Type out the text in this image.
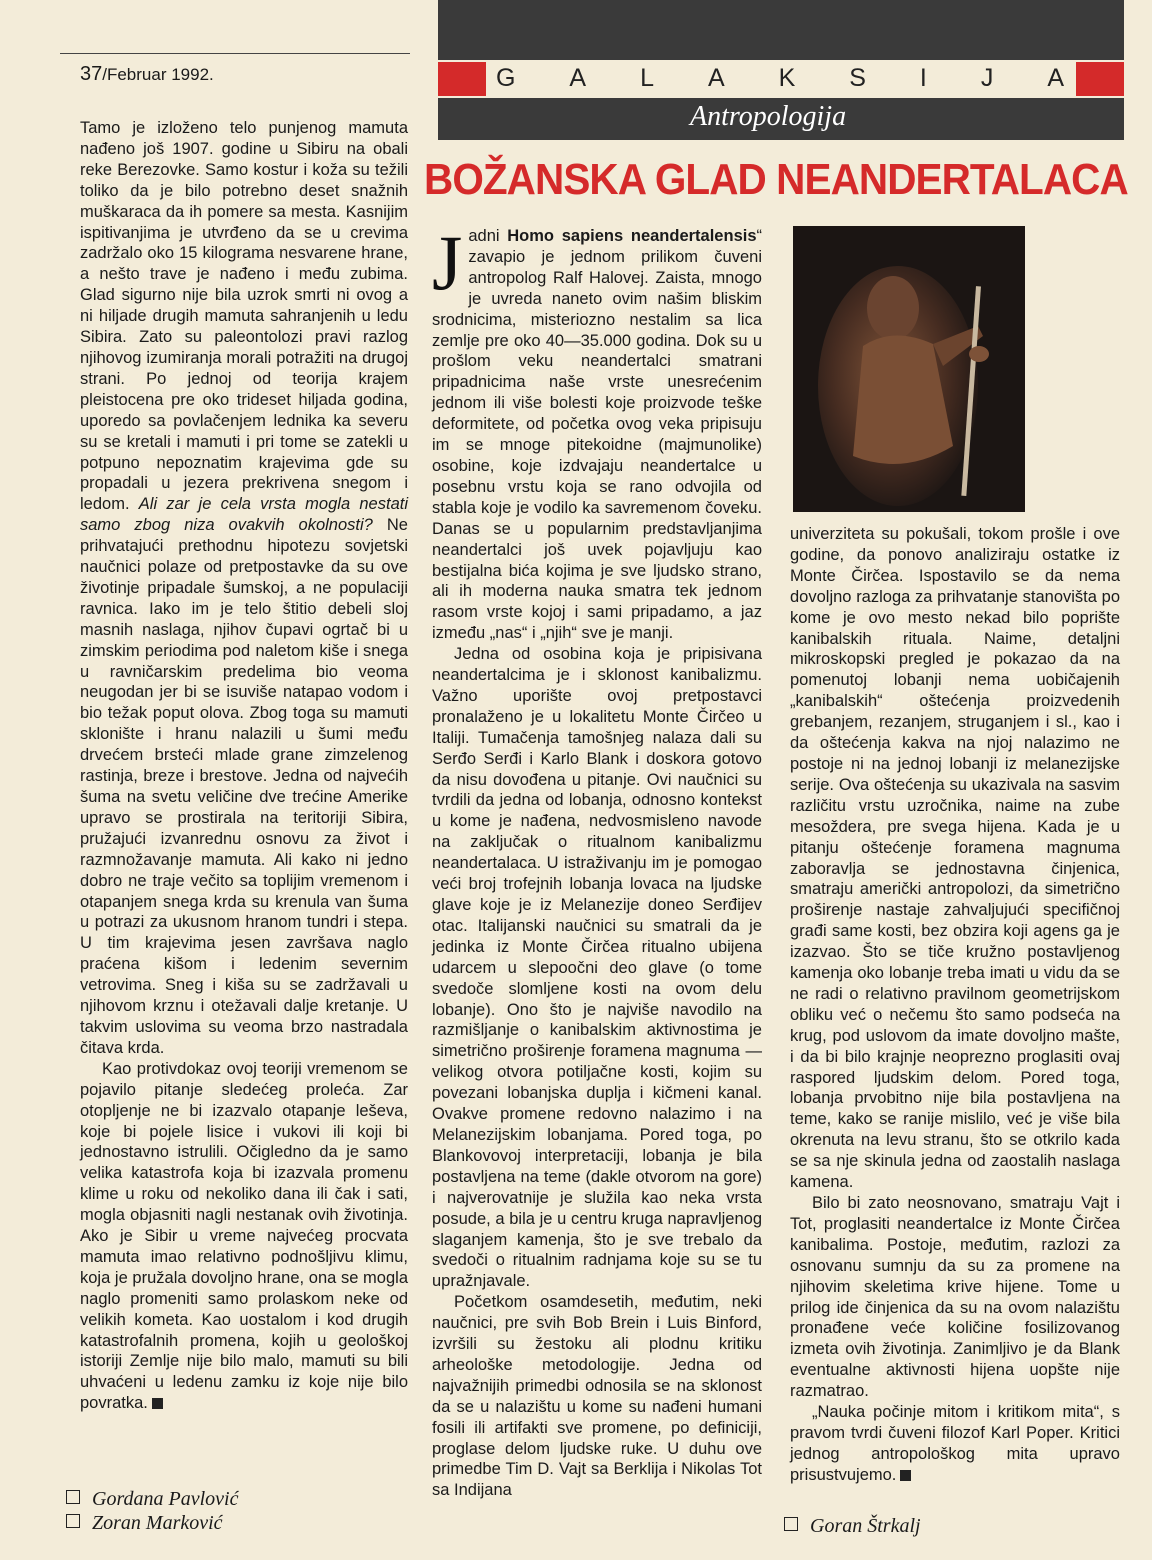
37/Februar 1992.	G A L A K S I J A
Antropologija
BOŽANSKA GLAD NEANDERTALACA

Tamo je izloženo telo punjenog mamuta nađeno još 1907. godine u Sibiru na obali reke Berezovke. Samo kostur i koža su težili toliko da je bilo potrebno deset snažnih muškaraca da ih pomere sa mesta. Kasnijim ispitivanjima je utvrđeno da se u crevima zadržalo oko 15 kilograma nesvarene hrane, a nešto trave je nađeno i među zubima. Glad sigurno nije bila uzrok smrti ni ovog a ni hiljade drugih mamuta sahranjenih u ledu Sibira. Zato su paleontolozi pravi razlog njihovog izumiranja morali potražiti na drugoj strani. Po jednoj od teorija krajem pleistocena pre oko trideset hiljada godina, uporedo sa povlačenjem lednika ka severu su se kretali i mamuti i pri tome se zatekli u potpuno nepoznatim krajevima gde su propadali u jezera prekrivena snegom i ledom. Ali zar je cela vrsta mogla nestati samo zbog niza ovakvih okolnosti? Ne prihvatajući prethodnu hipotezu sovjetski naučnici polaze od pretpostavke da su ove životinje pripadale šumskoj, a ne populaciji ravnica. Iako im je telo štitio debeli sloj masnih naslaga, njihov čupavi ogrtač bi u zimskim periodima pod naletom kiše i snega u ravničarskim predelima bio veoma neugodan jer bi se isuviše natapao vodom i bio težak poput olova. Zbog toga su mamuti sklonište i hranu nalazili u šumi među drvećem brsteći mlade grane zimzelenog rastinja, breze i brestove. Jedna od najvećih šuma na svetu veličine dve trećine Amerike upravo se prostirala na teritoriji Sibira, pružajući izvanrednu osnovu za život i razmnožavanje mamuta. Ali kako ni jedno dobro ne traje večito sa toplijim vremenom i otapanjem snega krda su krenula van šuma u potrazi za ukusnom hranom tundri i stepa. U tim krajevima jesen završava naglo praćena kišom i ledenim severnim vetrovima. Sneg i kiša su se zadržavali u njihovom krznu i otežavali dalje kretanje. U takvim uslovima su veoma brzo nastradala čitava krda.

Kao protivdokaz ovoj teoriji vremenom se pojavilo pitanje sledećeg proleća. Zar otopljenje ne bi izazvalo otapanje leševa, koje bi pojele lisice i vukovi ili koji bi jednostavno istrulili. Očigledno da je samo velika katastrofa koja bi izazvala promenu klime u roku od nekoliko dana ili čak i sati, mogla objasniti nagli nestanak ovih životinja. Ako je Sibir u vreme najvećeg procvata mamuta imao relativno podnošljivu klimu, koja je pružala dovoljno hrane, ona se mogla naglo promeniti samo prolaskom neke od velikih kometa. Kao uostalom i kod drugih katastrofalnih promena, kojih u geološkoj istoriji Zemlje nije bilo malo, mamuti su bili uhvaćeni u ledenu zamku iz koje nije bilo povratka.

Gordana Pavlović
Zoran Marković

Jadni Homo sapiens neandertalensis“ zavapio je jednom prilikom čuveni antropolog Ralf Halovej. Zaista, mnogo je uvreda naneto ovim našim bliskim srodnicima, misteriozno nestalim sa lica zemlje pre oko 40—35.000 godina. Dok su u prošlom veku neandertalci smatrani pripadnicima naše vrste unesrećenim jednom ili više bolesti koje proizvode teške deformitete, od početka ovog veka pripisuju im se mnoge pitekoidne (majmunolike) osobine, koje izdvajaju neandertalce u posebnu vrstu koja se rano odvojila od stabla koje je vodilo ka savremenom čoveku. Danas se u popularnim predstavljanjima neandertalci još uvek pojavljuju kao bestijalna bića kojima je sve ljudsko strano, ali ih moderna nauka smatra tek jednom rasom vrste kojoj i sami pripadamo, a jaz između „nas“ i „njih“ sve je manji.

Jedna od osobina koja je pripisivana neandertalcima je i sklonost kanibalizmu. Važno uporište ovoj pretpostavci pronalaženo je u lokalitetu Monte Čirčeo u Italiji. Tumačenja tamošnjeg nalaza dali su Serđo Serđi i Karlo Blank i doskora gotovo da nisu dovođena u pitanje. Ovi naučnici su tvrdili da jedna od lobanja, odnosno kontekst u kome je nađena, nedvosmisleno navode na zaključak o ritualnom kanibalizmu neandertalaca. U istraživanju im je pomogao veći broj trofejnih lobanja lovaca na ljudske glave koje je iz Melanezije doneo Serđijev otac. Italijanski naučnici su smatrali da je jedinka iz Monte Čirčea ritualno ubijena udarcem u slepoočni deo glave (o tome svedoče slomljene kosti na ovom delu lobanje). Ono što je najviše navodilo na razmišljanje o kanibalskim aktivnostima je simetrično proširenje foramena magnuma — velikog otvora potiljačne kosti, kojim su povezani lobanjska duplja i kičmeni kanal. Ovakve promene redovno nalazimo i na Melanezijskim lobanjama. Pored toga, po Blankovovoj interpretaciji, lobanja je bila postavljena na teme (dakle otvorom na gore) i najverovatnije je služila kao neka vrsta posude, a bila je u centru kruga napravljenog slaganjem kamenja, što je sve trebalo da svedoči o ritualnim radnjama koje su se tu upražnjavale.

Početkom osamdesetih, međutim, neki naučnici, pre svih Bob Brein i Luis Binford, izvršili su žestoku ali plodnu kritiku arheološke metodologije. Jedna od najvažnijih primedbi odnosila se na sklonost da se u nalazištu u kome su nađeni humani fosili ili artifakti sve promene, po definiciji, proglase delom ljudske ruke. U duhu ove primedbe Tim D. Vajt sa Berklija i Nikolas Tot sa Indijana

univerziteta su pokušali, tokom prošle i ove godine, da ponovo analiziraju ostatke iz Monte Čirčea. Ispostavilo se da nema dovoljno razloga za prihvatanje stanovišta po kome je ovo mesto nekad bilo poprište kanibalskih rituala. Naime, detaljni mikroskopski pregled je pokazao da na pomenutoj lobanji nema uobičajenih „kanibalskih“ oštećenja proizvedenih grebanjem, rezanjem, struganjem i sl., kao i da oštećenja kakva na njoj nalazimo ne postoje ni na jednoj lobanji iz melanezijske serije. Ova oštećenja su ukazivala na sasvim različitu vrstu uzročnika, naime na zube mesoždera, pre svega hijena. Kada je u pitanju oštećenje foramena magnuma zaboravlja se jednostavna činjenica, smatraju američki antropolozi, da simetrično proširenje nastaje zahvaljujući specifičnoj građi same kosti, bez obzira koji agens ga je izazvao. Što se tiče kružno postavljenog kamenja oko lobanje treba imati u vidu da se ne radi o relativno pravilnom geometrijskom obliku već o nečemu što samo podseća na krug, pod uslovom da imate dovoljno mašte, i da bi bilo krajnje neoprezno proglasiti ovaj raspored ljudskim delom. Pored toga, lobanja prvobitno nije bila postavljena na teme, kako se ranije mislilo, već je više bila okrenuta na levu stranu, što se otkrilo kada se sa nje skinula jedna od zaostalih naslaga kamena.

Bilo bi zato neosnovano, smatraju Vajt i Tot, proglasiti neandertalce iz Monte Čirčea kanibalima. Postoje, međutim, razlozi za osnovanu sumnju da su za promene na njihovim skeletima krive hijene. Tome u prilog ide činjenica da su na ovom nalazištu pronađene veće količine fosilizovanog izmeta ovih životinja. Zanimljivo je da Blank eventualne aktivnosti hijena uopšte nije razmatrao.

„Nauka počinje mitom i kritikom mita“, s pravom tvrdi čuveni filozof Karl Poper. Kritici jednog antropološkog mita upravo prisustvujemo.

Goran Štrkalj
